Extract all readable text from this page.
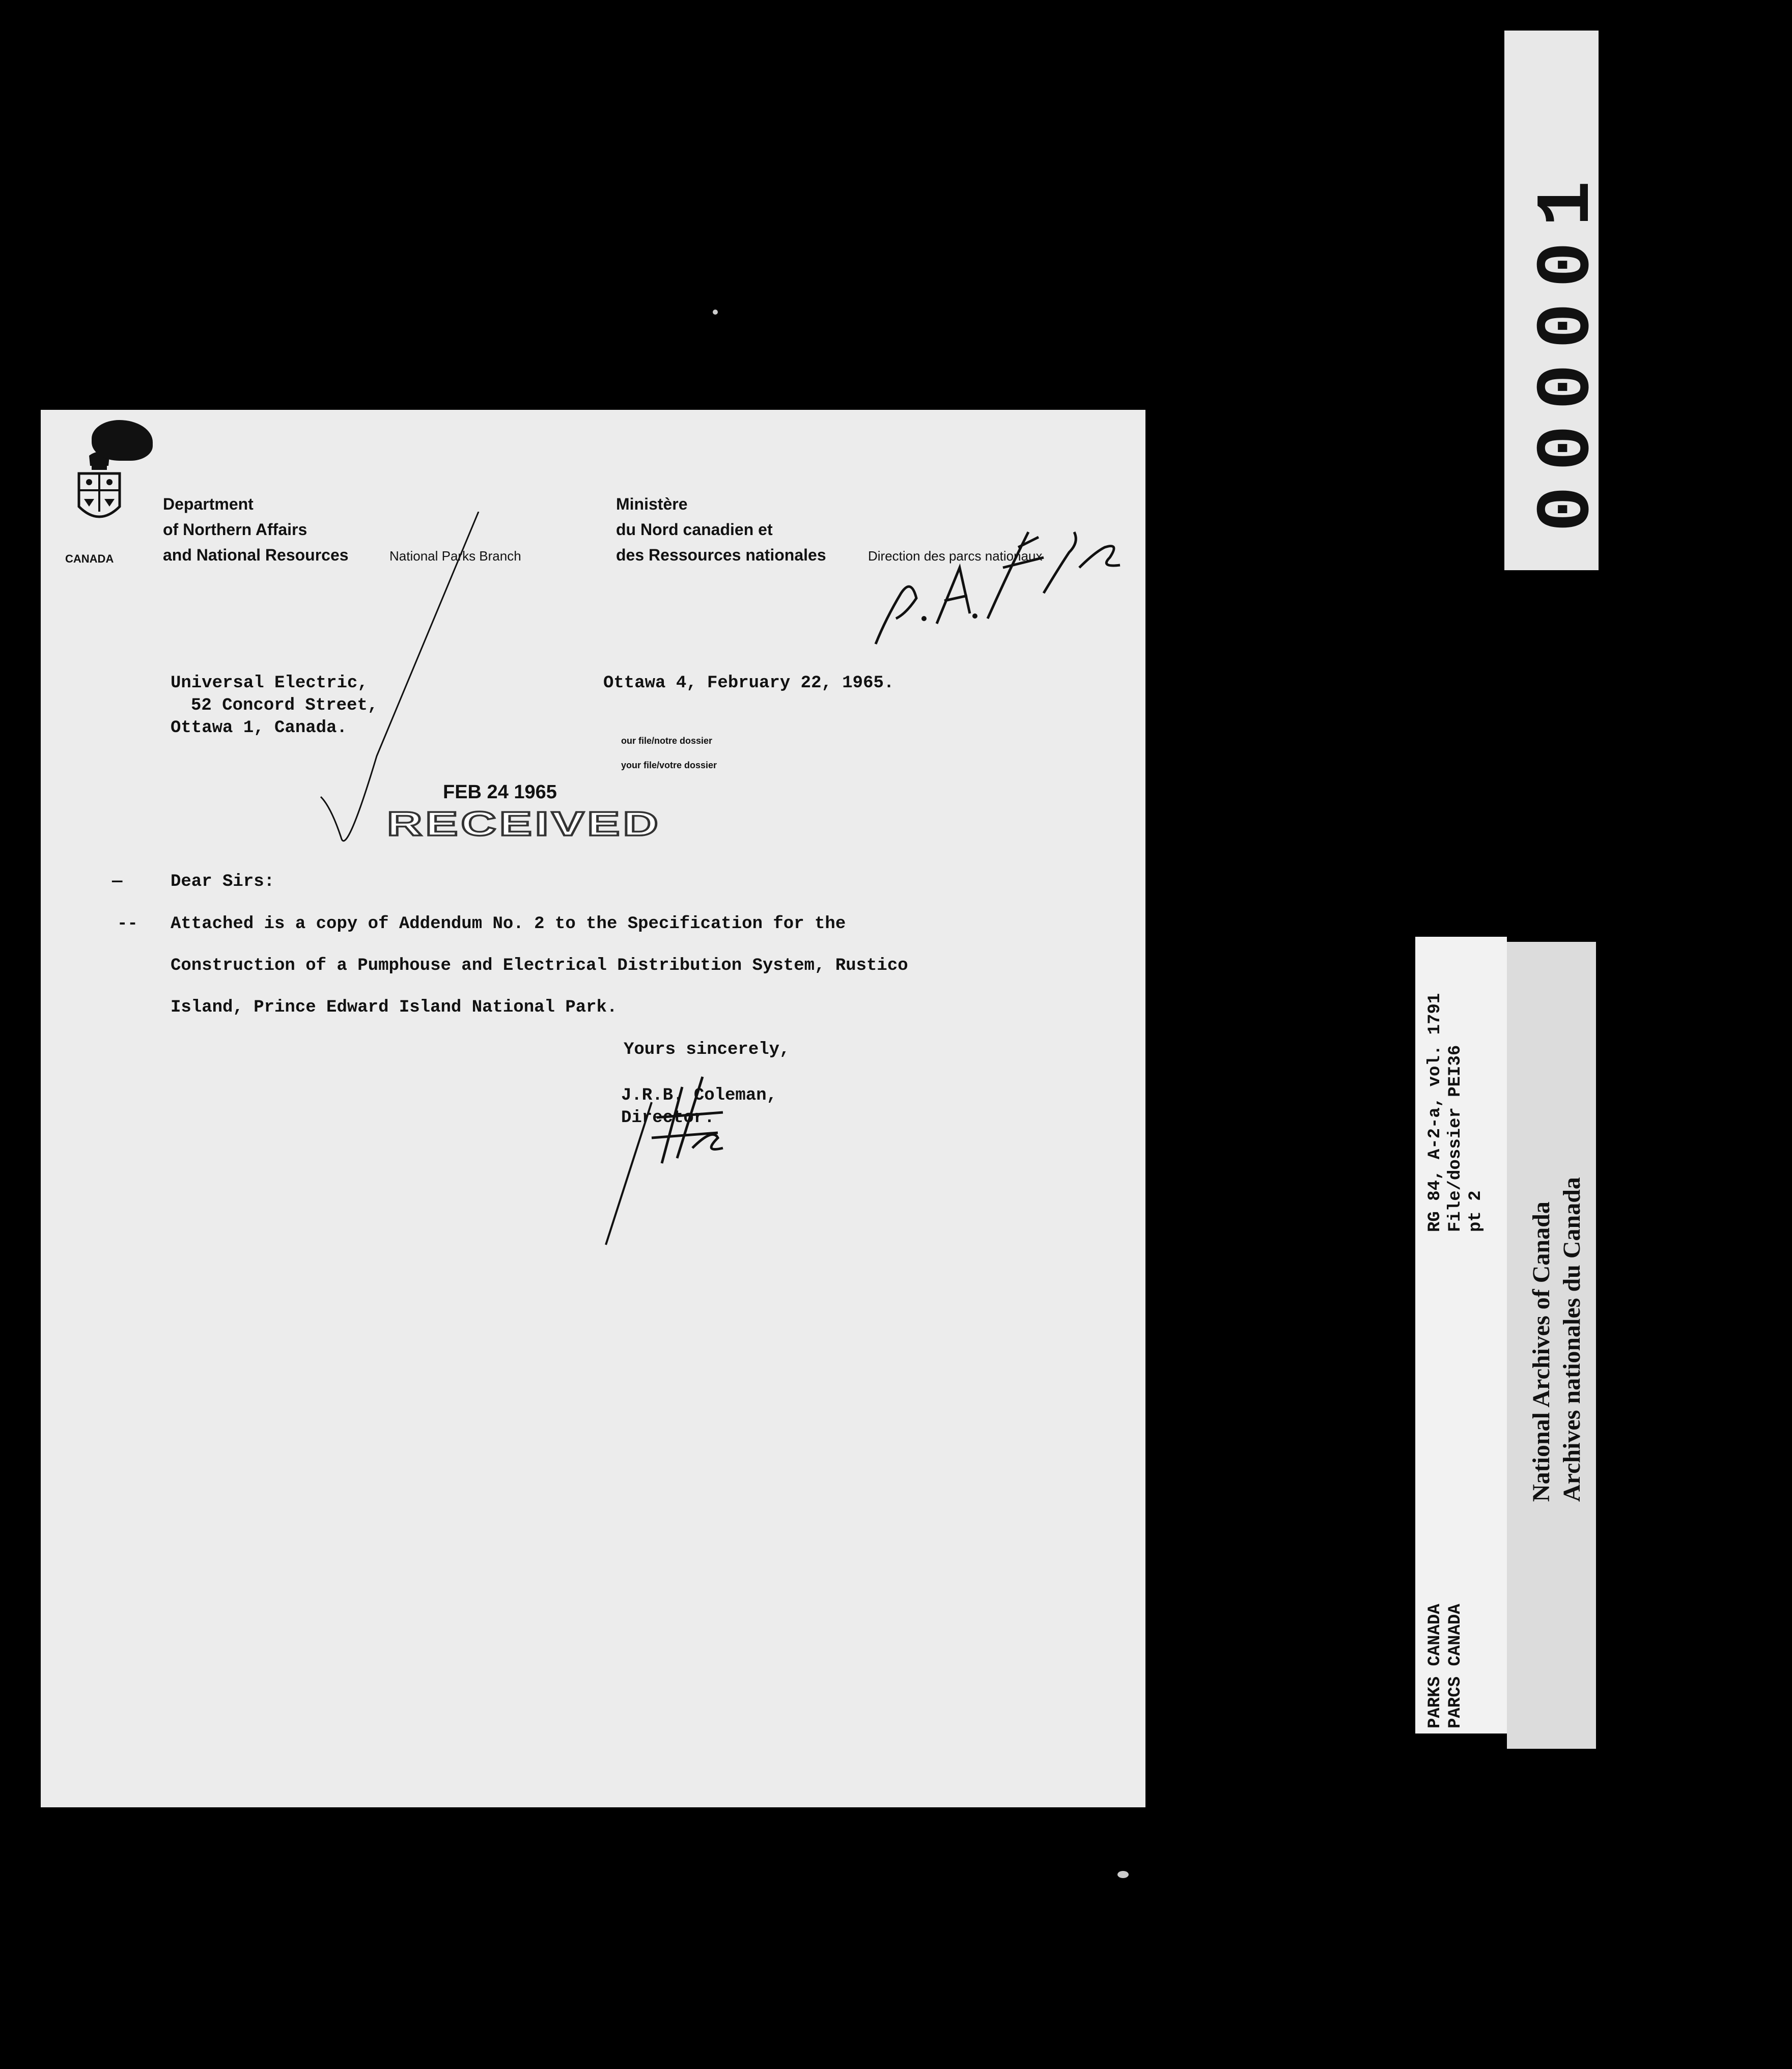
CANADA
Department
of Northern Affairs
and National Resources	National Parks Branch
Ministère
du Nord canadien et
des Ressources nationales	Direction des parcs nationaux
Universal Electric,
52 Concord Street,
Ottawa 1, Canada.
Ottawa 4, February 22, 1965.
our file/notre dossier
your file/votre dossier
FEB 24 1965
RECEIVED
Dear Sirs:
Attached is a copy of Addendum No. 2 to the Specification for the
Construction of a Pumphouse and Electrical Distribution System, Rustico
Island, Prince Edward Island National Park.
—
--
Yours sincerely,
J.R.B. Coleman,
Director.
000001
RG 84, A-2-a, vol. 1791 File/dossier PEI36 pt 2
PARKS CANADA PARCS CANADA
National Archives of Canada Archives nationales du Canada
